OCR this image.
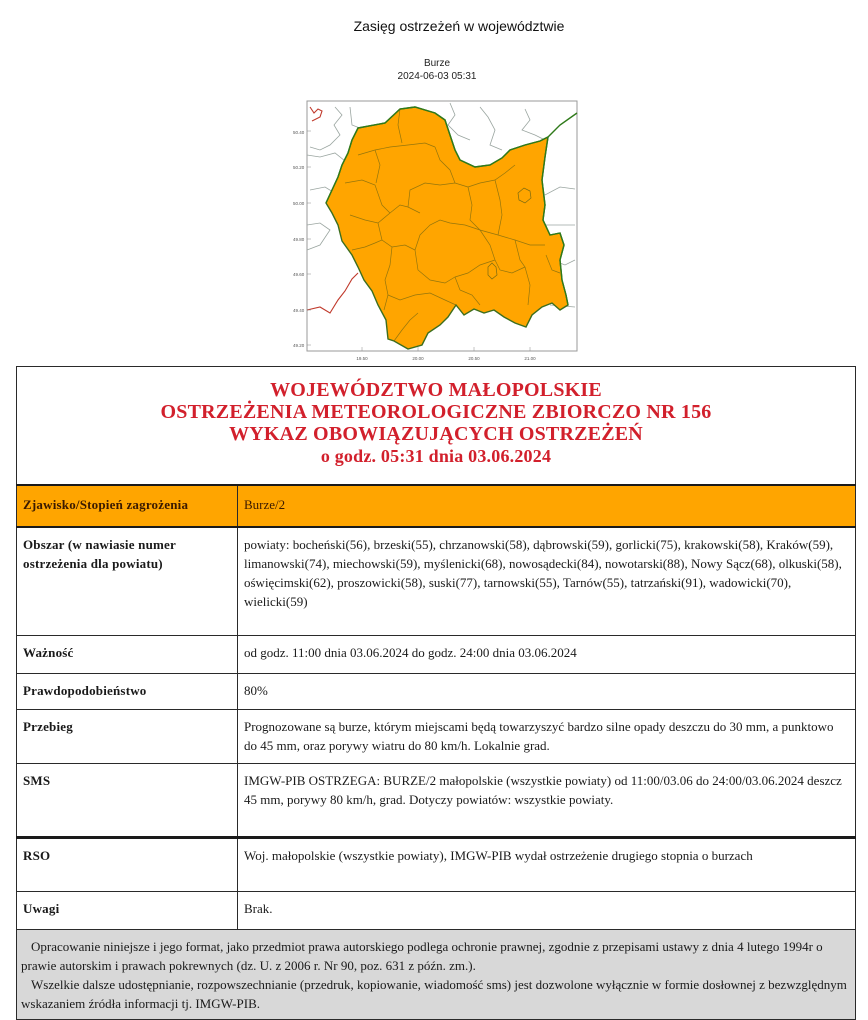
Zasięg ostrzeżeń w województwie
Burze
2024-06-03 05:31
50.40
50.20
50.00
49.80
49.60
49.40
49.20
19.50	20.00	20.50	21.00
WOJEWÓDZTWO MAŁOPOLSKIE
OSTRZEŻENIA METEOROLOGICZNE ZBIORCZO NR 156
WYKAZ OBOWIĄZUJĄCYCH OSTRZEŻEŃ
o godz. 05:31 dnia 03.06.2024	

Zjawisko/Stopień zagrożenia	Burze/2
Obszar (w nawiasie numer ostrzeżenia dla powiatu)	powiaty: bocheński(56), brzeski(55), chrzanowski(58), dąbrowski(59), gorlicki(75), krakowski(58), Kraków(59), limanowski(74), miechowski(59), myślenicki(68), nowosądecki(84), nowotarski(88), Nowy Sącz(68), olkuski(58), oświęcimski(62), proszowicki(58), suski(77), tarnowski(55), Tarnów(55), tatrzański(91), wadowicki(70), wielicki(59)
Ważność	od godz. 11:00 dnia 03.06.2024 do godz. 24:00 dnia 03.06.2024
Prawdopodobieństwo	80%
Przebieg	Prognozowane są burze, którym miejscami będą towarzyszyć bardzo silne opady deszczu do 30 mm, a punktowo do 45 mm, oraz porywy wiatru do 80 km/h. Lokalnie grad.
SMS	IMGW-PIB OSTRZEGA: BURZE/2 małopolskie (wszystkie powiaty) od 11:00/03.06 do 24:00/03.06.2024 deszcz 45 mm, porywy 80 km/h, grad. Dotyczy powiatów: wszystkie powiaty.
RSO	Woj. małopolskie (wszystkie powiaty), IMGW-PIB wydał ostrzeżenie drugiego stopnia o burzach
Uwagi	Brak.

Opracowanie niniejsze i jego format, jako przedmiot prawa autorskiego podlega ochronie prawnej, zgodnie z przepisami ustawy z dnia 4 lutego 1994r o prawie autorskim i prawach pokrewnych (dz. U. z 2006 r. Nr 90, poz. 631 z późn. zm.).

Wszelkie dalsze udostępnianie, rozpowszechnianie (przedruk, kopiowanie, wiadomość sms) jest dozwolone wyłącznie w formie dosłownej z bezwzględnym wskazaniem źródła informacji tj. IMGW-PIB.	
